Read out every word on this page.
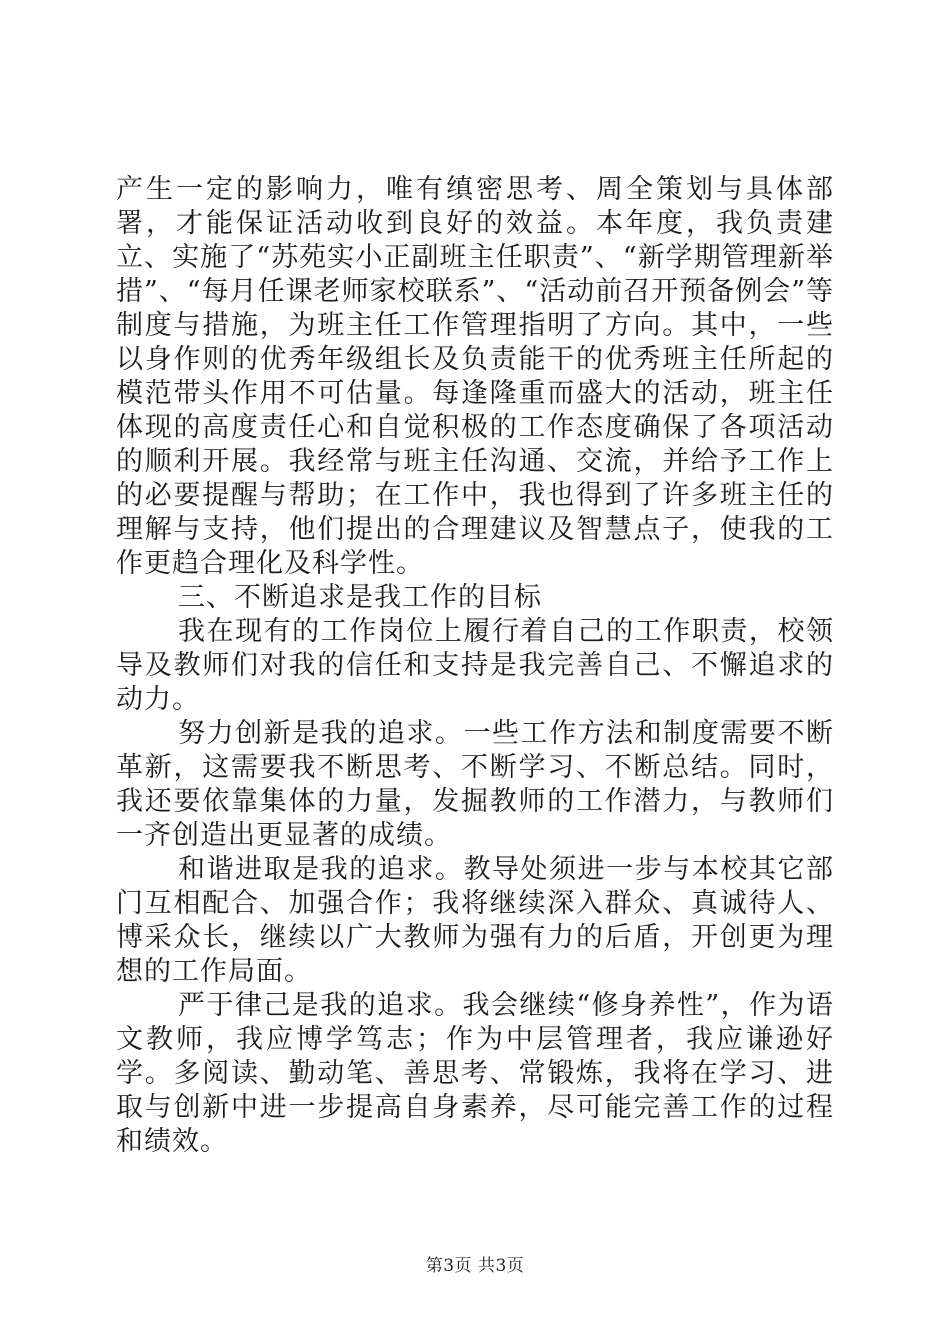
产生一定的影响力，唯有缜密思考、周全策划与具体部署，才能保证活动收到良好的效益。本年度，我负责建立、实施了“苏苑实小正副班主任职责”、“新学期管理新举措”、“每月任课老师家校联系”、“活动前召开预备例会”等制度与措施，为班主任工作管理指明了方向。其中，一些以身作则的优秀年级组长及负责能干的优秀班主任所起的模范带头作用不可估量。每逢隆重而盛大的活动，班主任体现的高度责任心和自觉积极的工作态度确保了各项活动的顺利开展。我经常与班主任沟通、交流，并给予工作上的必要提醒与帮助；在工作中，我也得到了许多班主任的理解与支持，他们提出的合理建议及智慧点子，使我的工作更趋合理化及科学性。

三、不断追求是我工作的目标

我在现有的工作岗位上履行着自己的工作职责，校领导及教师们对我的信任和支持是我完善自己、不懈追求的动力。

努力创新是我的追求。一些工作方法和制度需要不断革新，这需要我不断思考、不断学习、不断总结。同时，我还要依靠集体的力量，发掘教师的工作潜力，与教师们一齐创造出更显著的成绩。

和谐进取是我的追求。教导处须进一步与本校其它部门互相配合、加强合作；我将继续深入群众、真诚待人、博采众长，继续以广大教师为强有力的后盾，开创更为理想的工作局面。

严于律己是我的追求。我会继续“修身养性”，作为语文教师，我应博学笃志；作为中层管理者，我应谦逊好学。多阅读、勤动笔、善思考、常锻炼，我将在学习、进取与创新中进一步提高自身素养，尽可能完善工作的过程和绩效。

第3页 共3页
